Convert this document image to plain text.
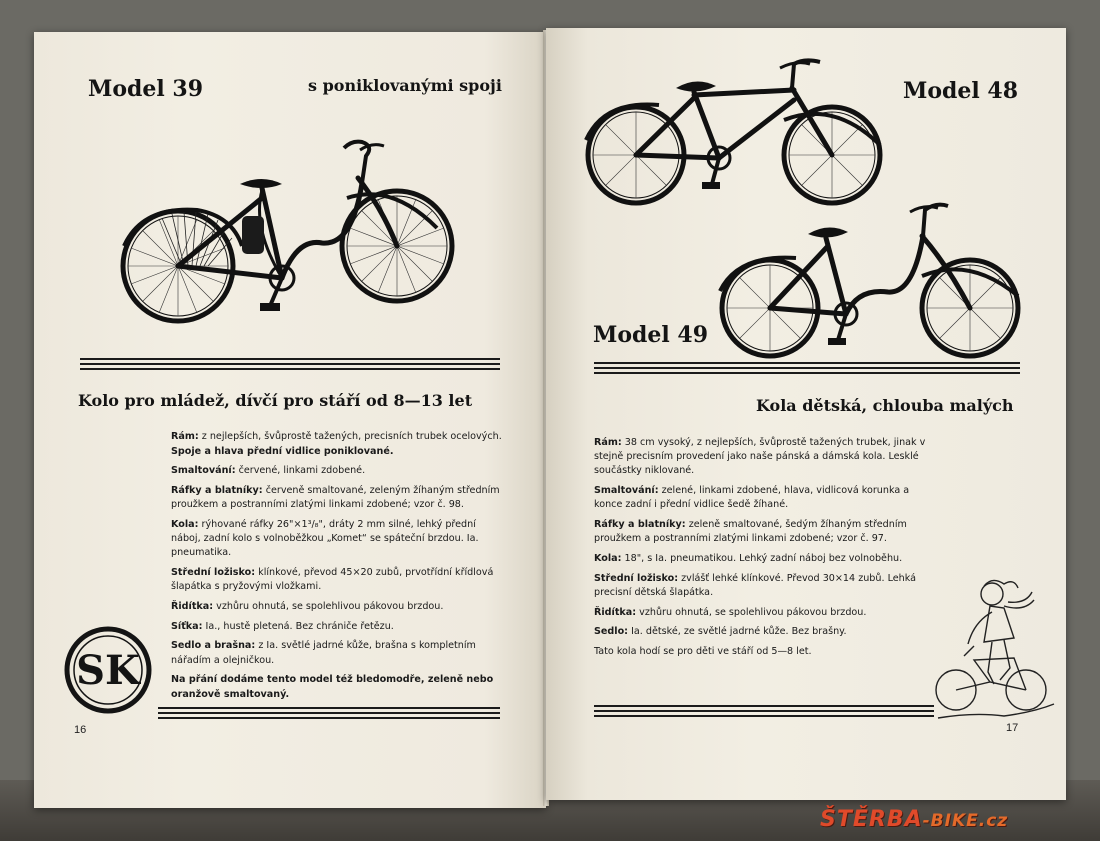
Model 39	s poniklovanými spoji
Kolo pro mládež, dívčí pro stáří od 8—13 let

Rám: z nejlepších, švůprostě tažených, precisních trubek ocelových.

Spoje a hlava přední vidlice poniklované.

Smaltování: červené, linkami zdobené.

Ráfky a blatníky: červeně smaltované, zeleným žíhaným středním proužkem a postranními zlatými linkami zdobené; vzor č. 98.

Kola: rýhované ráfky 26"×1³/₈", dráty 2 mm silné, lehký přední náboj, zadní kolo s volnoběžkou „Komet“ se spáteční brzdou. Ia. pneumatika.

Střední ložisko: klínkové, převod 45×20 zubů, prvotřídní křídlová šlapátka s pryžovými vložkami.

Řidítka: vzhůru ohnutá, se spolehlivou pákovou brzdou.

Síťka: Ia., hustě pletená. Bez chrániče řetězu.

Sedlo a brašna: z Ia. světlé jadrné kůže, brašna s kompletním nářadím a olejničkou.

Na přání dodáme tento model též bledomodře, zeleně nebo oranžově smaltovaný.

SK
16
Model 48
Model 49
Kola dětská, chlouba malých

Rám: 38 cm vysoký, z nejlepších, švůprostě tažených trubek, jinak v stejně precisním provedení jako naše pánská a dámská kola. Lesklé součástky niklované.

Smaltování: zelené, linkami zdobené, hlava, vidlicová korunka a konce zadní i přední vidlice šedě žíhané.

Ráfky a blatníky: zeleně smaltované, šedým žíhaným středním proužkem a postranními zlatými linkami zdobené; vzor č. 97.

Kola: 18", s Ia. pneumatikou. Lehký zadní náboj bez volnoběhu.

Střední ložisko: zvlášť lehké klínkové. Převod 30×14 zubů. Lehká precisní dětská šlapátka.

Řidítka: vzhůru ohnutá, se spolehlivou pákovou brzdou.

Sedlo: Ia. dětské, ze světlé jadrné kůže. Bez brašny.

Tato kola hodí se pro děti ve stáří od 5—8 let.

17
ŠTĚRBA-BIKE.cz
